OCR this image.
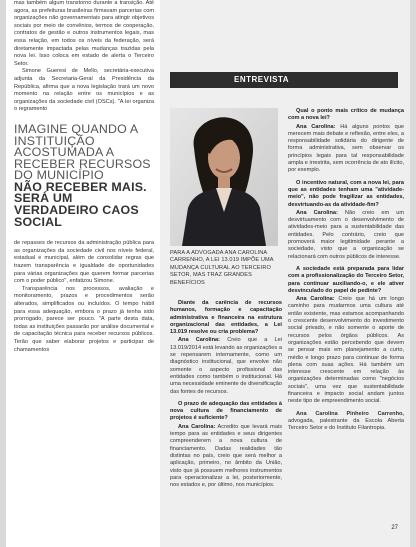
mas também algum transtorno durante a transição. Até agora, as prefeituras brasileiras firmavam parcerias com organizações não governamentais para atingir objetivos sociais por meio de convênios, termos de cooperação, contratos de gestão e outros instrumentos legais, mas essa relação, em todos os níveis da federação, será diretamente impactada pelas mudanças trazidas pela nova lei. Isso coloca em estado de alerta o Terceiro Setor.

Simone Gueresi de Mello, secretária-executiva adjunta da Secretaria-Geral da Presidência da República, afirma que a nova legislação trará um novo momento na relação entre os municípios e as organizações da sociedade civil (OSCs). "A lei organiza o regramento

IMAGINE QUANDO A INSTITUIÇÃO ACOSTUMADA A RECEBER RECURSOS DO MUNICÍPIO
NÃO RECEBER MAIS. SERÁ UM VERDADEIRO CAOS SOCIAL

de repasses de recursos da administração pública para as organizações da sociedade civil nos níveis federal, estadual e municipal, além de consolidar regras que trazem transparência e igualdade de oportunidades para várias organizações que querem formar parcerias com o poder público", enfatizou Simone.

Transparência nos processos, avaliação e monitoramento, prazos e procedimentos serão alterados, simplificados ou incluídos. O tempo hábil para essa adequação, embora o prazo já tenha sido prorrogado, parece ser pouco. "A parte desta data, todas as instituições passarão por análise documental e de capacitação técnica para receber recursos públicos. Terão que saber elaborar projetos e participar de chamamentos

ENTREVISTA
PARA A ADVOGADA ANA CAROLINA CARRENHO, A LEI 13.019 IMPÕE UMA MUDANÇA CULTURAL AO TERCEIRO SETOR, MAS TRAZ GRANDES BENEFÍCIOS

Diante da carência de recursos humanos, formação e capacitação administrativa e financeira na estrutura organizacional das entidades, a Lei 13.019 resolve ou cria problema?

Ana Carolina: Creio que a Lei 13.019/2014 está levando as organizações a se repensarem internamente, como um diagnóstico institucional, que envolve não somente o aspecto profissional das entidades como também o institucional. Há uma necessidade eminente de diversificação das fontes de recursos.

O prazo de adequação das entidades à nova cultura de financiamento de projetos é suficiente?

Ana Carolina: Acredito que levará mais tempo para as entidades e seus dirigentes compreenderem a nova cultura de financiamento. Dadas realidades tão distintas no país, creio que será melhor a aplicação, primeiro, no âmbito da União, visto que já possuem melhores instrumentos para operacionalizar a lei, posteriormente, nos estados e, por último, nos municípios.

Qual o ponto mais crítico de mudança com a nova lei?

Ana Carolina: Há alguns pontos que merecem mais debate e reflexão, entre eles, a responsabilidade solidária do dirigente de forma administrativa, sem observar os princípios legais para tal responsabilidade ampla e irrestrita, sem ocorrência de ato ilícito, por exemplo.

O incentivo natural, com a nova lei, para que as entidades tenham uma "atividade-meio", não pode fragilizar as entidades, desvirtuando-as da atividade-fim?

Ana Carolina: Não creio em um desvirtuamento com o desenvolvimento de atividades-meio para a sustentabilidade das entidades. Pelo contrário, creio que promoverá maior legitimidade perante a sociedade, visto que a organização se relacionará com outros públicos de interesse.

A sociedade está preparada para lidar com a profissionalização do Terceiro Setor, para continuar auxiliando-o, e ele ativer desvinculado do papel de pedinte?

Ana Carolina: Creio que há um longo caminho para mudarmos uma cultura até então existente, mas estamos acompanhando o crescente desenvolvimento do investimento social privado, e não somente o aporte de recursos pelos órgãos públicos. As organizações estão percebendo que devem se pensar mais em planejamento a curto, médio e longo prazo para continuar de forma plena com suas ações. Há também um interesse crescente em relação às organizações determinadas como "negócios sociais", uma vez que sustentabilidade financeira e impacto social andam juntos neste tipo de empreendimento social.

Ana Carolina Pinheiro Carrenho, advogada, palestrante da Escola Aberta Terceiro Setor e do Instituto Filantropia.

27
